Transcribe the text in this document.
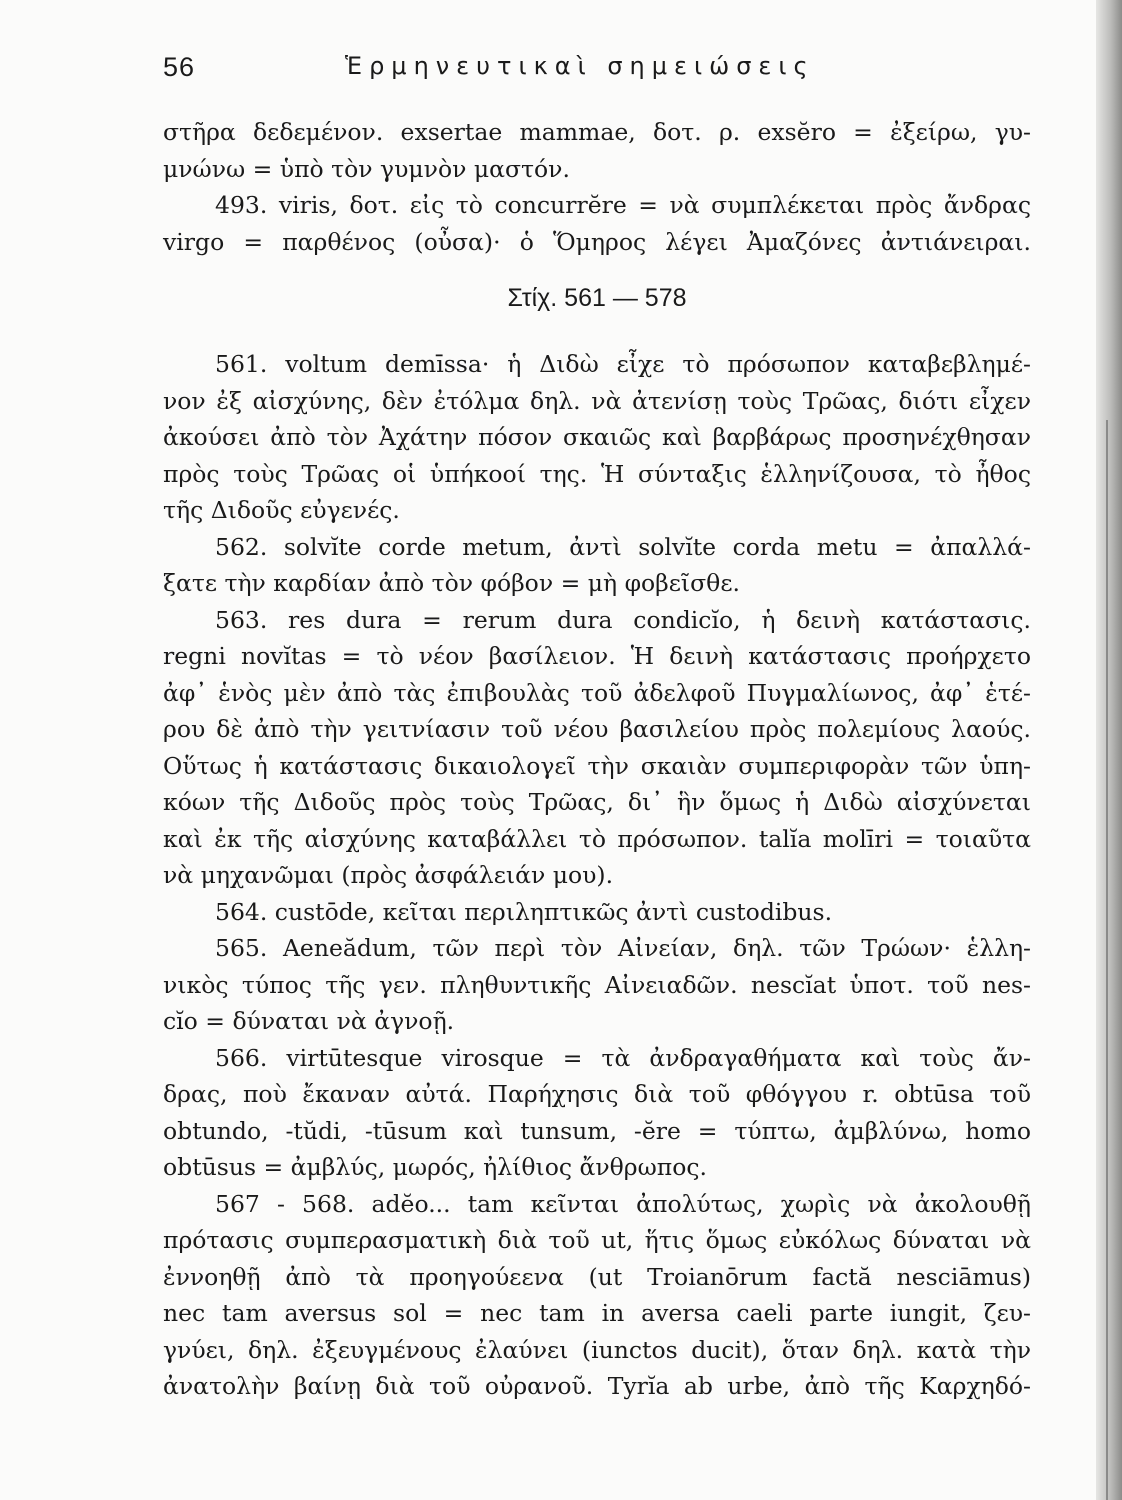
56	Ἑρμηνευτικαὶ σημειώσεις
στῆρα δεδεμένον. exsertae mammae, δοτ. ρ. exsĕro = ἐξείρω, γυ-
μνώνω = ὑπὸ τὸν γυμνὸν μαστόν.
493. viris, δοτ. εἰς τὸ concurrĕre = νὰ συμπλέκεται πρὸς ἄνδρας
virgo = παρθένος (οὖσα)· ὁ Ὅμηρος λέγει Ἀμαζόνες ἀντιάνειραι.
Στίχ. 561 — 578
561. voltum demīssa· ἡ Διδὼ εἶχε τὸ πρόσωπον καταβεβλημέ-
νον ἐξ αἰσχύνης, δὲν ἐτόλμα δηλ. νὰ ἀτενίσῃ τοὺς Τρῶας, διότι εἶχεν
ἀκούσει ἀπὸ τὸν Ἀχάτην πόσον σκαιῶς καὶ βαρβάρως προσηνέχθησαν
πρὸς τοὺς Τρῶας οἱ ὑπήκοοί της. Ἡ σύνταξις ἑλληνίζουσα, τὸ ἦθος
τῆς Διδοῦς εὐγενές.
562. solvĭte corde metum, ἀντὶ solvĭte corda metu = ἀπαλλά-
ξατε τὴν καρδίαν ἀπὸ τὸν φόβον = μὴ φοβεῖσθε.
563. res dura = rerum dura condicĭo, ἡ δεινὴ κατάστασις.
regni novĭtas = τὸ νέον βασίλειον. Ἡ δεινὴ κατάστασις προήρχετο
ἀφ᾽ ἑνὸς μὲν ἀπὸ τὰς ἐπιβουλὰς τοῦ ἀδελφοῦ Πυγμαλίωνος, ἀφ᾽ ἑτέ-
ρου δὲ ἀπὸ τὴν γειτνίασιν τοῦ νέου βασιλείου πρὸς πολεμίους λαούς.
Οὕτως ἡ κατάστασις δικαιολογεῖ τὴν σκαιὰν συμπεριφορὰν τῶν ὑπη-
κόων τῆς Διδοῦς πρὸς τοὺς Τρῶας, δι᾽ ἣν ὅμως ἡ Διδὼ αἰσχύνεται
καὶ ἐκ τῆς αἰσχύνης καταβάλλει τὸ πρόσωπον. talĭa molīri = τοιαῦτα
νὰ μηχανῶμαι (πρὸς ἀσφάλειάν μου).
564. custōde, κεῖται περιληπτικῶς ἀντὶ custodibus.
565. Aeneădum, τῶν περὶ τὸν Αἰνείαν, δηλ. τῶν Τρώων· ἑλλη-
νικὸς τύπος τῆς γεν. πληθυντικῆς Αἰνειαδῶν. nescĭat ὑποτ. τοῦ nes-
cĭo = δύναται νὰ ἀγνοῇ.
566. virtūtesque virosque = τὰ ἀνδραγαθήματα καὶ τοὺς ἄν-
δρας, ποὺ ἔκαναν αὐτά. Παρήχησις διὰ τοῦ φθόγγου r. obtūsa τοῦ
obtundo, -tŭdi, -tūsum καὶ tunsum, -ĕre = τύπτω, ἀμβλύνω, homo
obtūsus = ἀμβλύς, μωρός, ἠλίθιος ἄνθρωπος.
567 - 568. adĕo... tam κεῖνται ἀπολύτως, χωρὶς νὰ ἀκολουθῇ
πρότασις συμπερασματικὴ διὰ τοῦ ut, ἥτις ὅμως εὐκόλως δύναται νὰ
ἐννοηθῇ ἀπὸ τὰ προηγούεενα (ut Troianōrum factă nesciāmus)
nec tam aversus sol = nec tam in aversa caeli parte iungit, ζευ-
γνύει, δηλ. ἐξευγμένους ἐλαύνει (iunctos ducit), ὅταν δηλ. κατὰ τὴν
ἀνατολὴν βαίνῃ διὰ τοῦ οὐρανοῦ. Tyrĭa ab urbe, ἀπὸ τῆς Καρχηδό-
